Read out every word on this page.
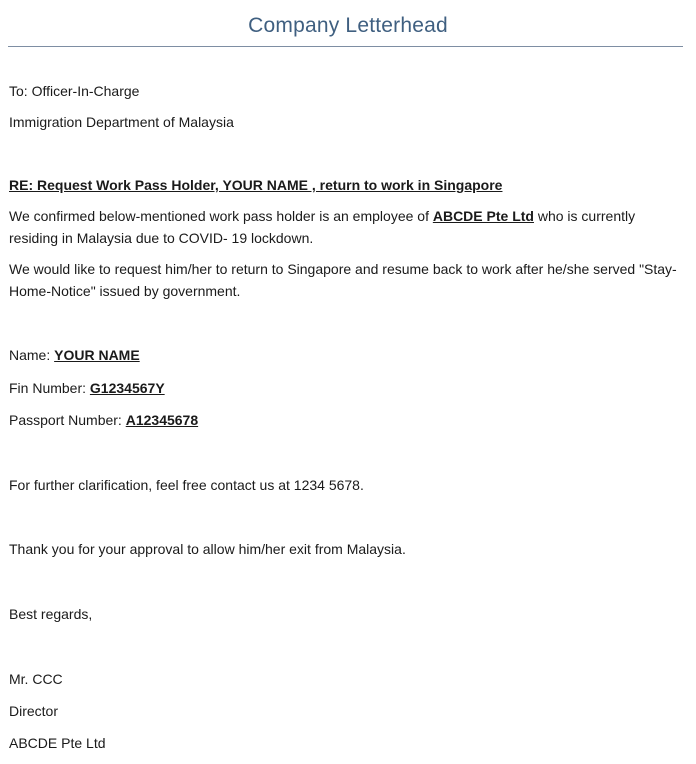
Company Letterhead
To: Officer-In-Charge
Immigration Department of Malaysia
RE: Request Work Pass Holder, YOUR NAME , return to work in Singapore
We confirmed below-mentioned work pass holder is an employee of ABCDE Pte Ltd who is currently residing in Malaysia due to COVID- 19 lockdown.
We would like to request him/her to return to Singapore and resume back to work after he/she served "Stay-Home-Notice" issued by government.
Name: YOUR NAME
Fin Number: G1234567Y
Passport Number: A12345678
For further clarification, feel free contact us at 1234 5678.
Thank you for your approval to allow him/her exit from Malaysia.
Best regards,
Mr. CCC
Director
ABCDE Pte Ltd
